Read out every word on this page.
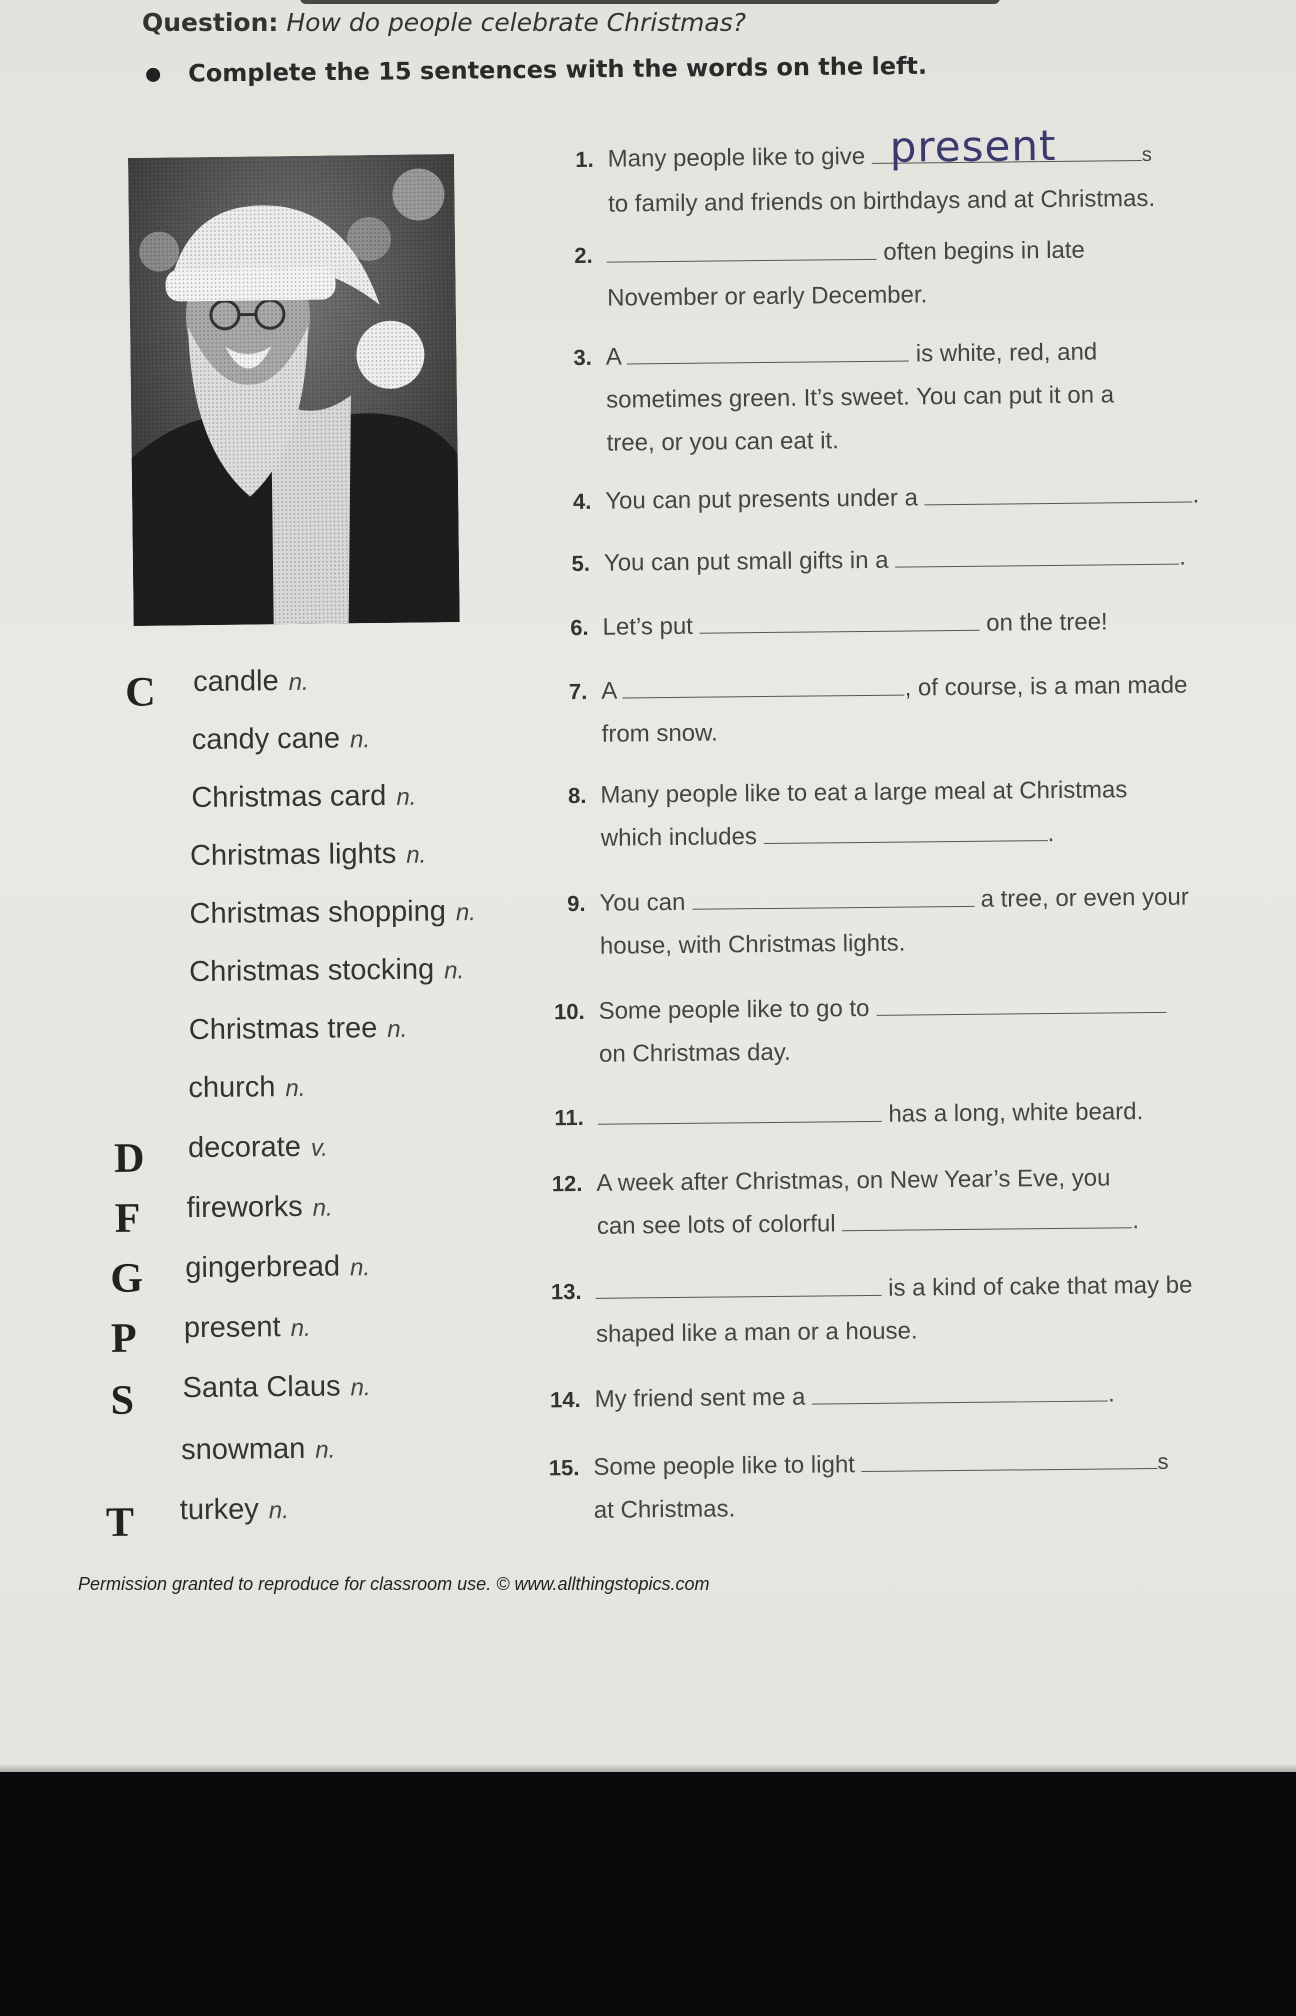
Question: How do people celebrate Christmas?
Complete the 15 sentences with the words on the left.
C
D
F
G
P
S
T
candle n.
candy cane n.
Christmas card n.
Christmas lights n.
Christmas shopping n.
Christmas stocking n.
Christmas tree n.
church n.
decorate v.
fireworks n.
gingerbread n.
present n.
Santa Claus n.
snowman n.
turkey n.
1. Many people like to give present	s
to family and friends on birthdays and at Christmas.
2.	often begins in late
November or early December.
3. A	is white, red, and
sometimes green. It’s sweet. You can put it on a
tree, or you can eat it.
4. You can put presents under a	.
5. You can put small gifts in a	.
6. Let’s put	on the tree!
7. A	, of course, is a man made
from snow.
8. Many people like to eat a large meal at Christmas
which includes	.
9. You can	a tree, or even your
house, with Christmas lights.
10. Some people like to go to
on Christmas day.
11.	has a long, white beard.
12. A week after Christmas, on New Year’s Eve, you
can see lots of colorful	.
13.	is a kind of cake that may be
shaped like a man or a house.
14. My friend sent me a	.
15. Some people like to light	s
at Christmas.
Permission granted to reproduce for classroom use. © www.allthingstopics.com
